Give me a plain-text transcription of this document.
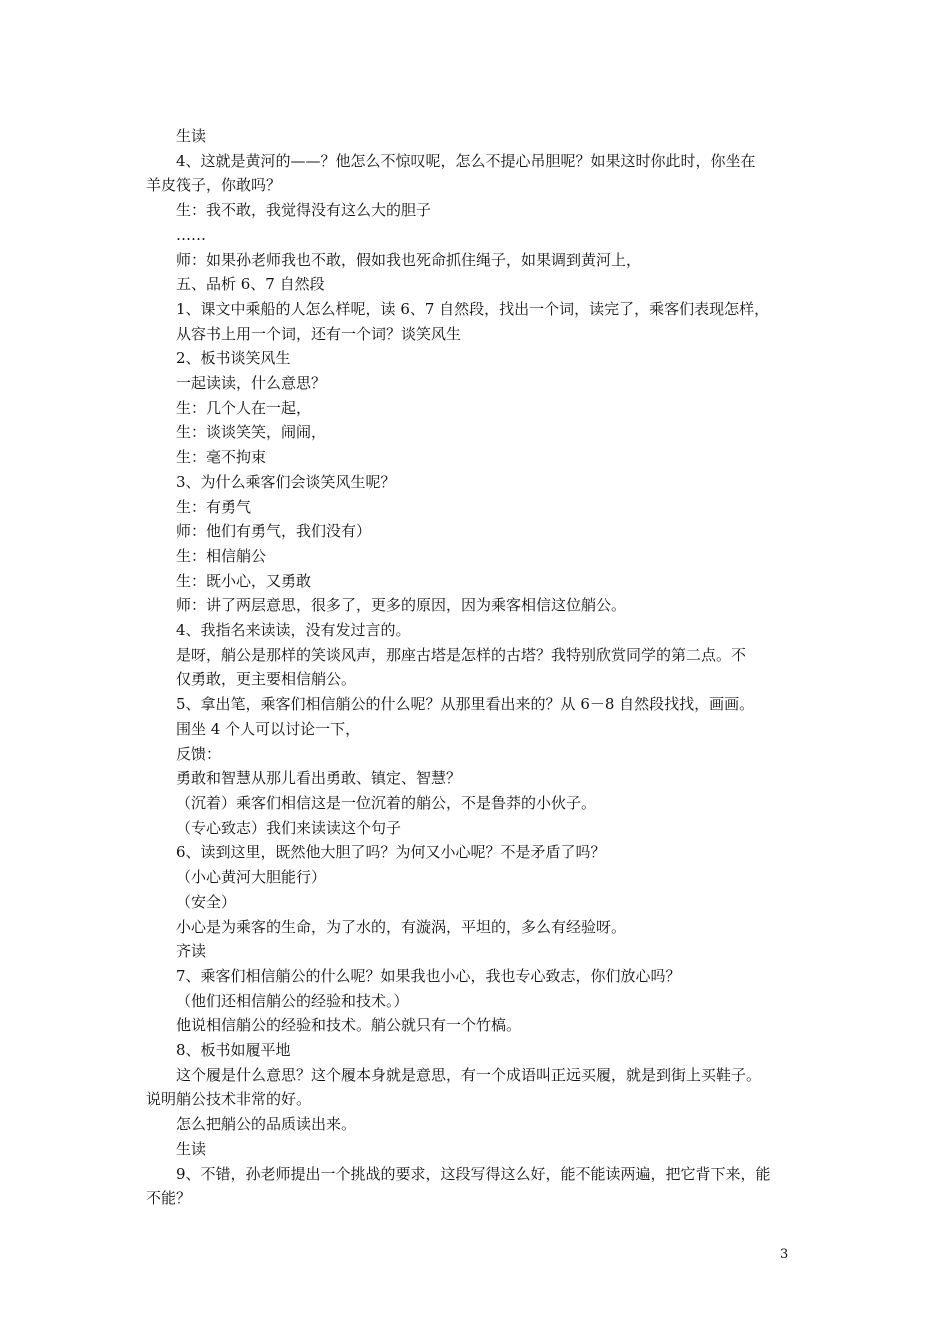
生读
4、这就是黄河的——？他怎么不惊叹呢，怎么不提心吊胆呢？如果这时你此时，你坐在
羊皮筏子，你敢吗？
生：我不敢，我觉得没有这么大的胆子
……
师：如果孙老师我也不敢，假如我也死命抓住绳子，如果调到黄河上，
五、品析 6、7 自然段
1、课文中乘船的人怎么样呢，读 6、7 自然段，找出一个词，读完了，乘客们表现怎样，
从容书上用一个词，还有一个词？谈笑风生
2、板书谈笑风生
一起读读，什么意思？
生：几个人在一起，
生：谈谈笑笑，闹闹，
生：毫不拘束
3、为什么乘客们会谈笑风生呢？
生：有勇气
师：他们有勇气，我们没有）
生：相信艄公
生：既小心，又勇敢
师：讲了两层意思，很多了，更多的原因，因为乘客相信这位艄公。
4、我指名来读读，没有发过言的。
是呀，艄公是那样的笑谈风声，那座古塔是怎样的古塔？我特别欣赏同学的第二点。不
仅勇敢，更主要相信艄公。
5、拿出笔，乘客们相信艄公的什么呢？从那里看出来的？从 6－8 自然段找找，画画。
围坐 4 个人可以讨论一下，
反馈：
勇敢和智慧从那儿看出勇敢、镇定、智慧？
（沉着）乘客们相信这是一位沉着的艄公，不是鲁莽的小伙子。
（专心致志）我们来读读这个句子
6、读到这里，既然他大胆了吗？为何又小心呢？不是矛盾了吗？
（小心黄河大胆能行）
（安全）
小心是为乘客的生命，为了水的，有漩涡，平坦的，多么有经验呀。
齐读
7、乘客们相信艄公的什么呢？如果我也小心，我也专心致志，你们放心吗？
（他们还相信艄公的经验和技术。）
他说相信艄公的经验和技术。艄公就只有一个竹槁。
8、板书如履平地
这个履是什么意思？这个履本身就是意思，有一个成语叫正远买履，就是到街上买鞋子。
说明艄公技术非常的好。
怎么把艄公的品质读出来。
生读
9、不错，孙老师提出一个挑战的要求，这段写得这么好，能不能读两遍，把它背下来，能
不能？
3
